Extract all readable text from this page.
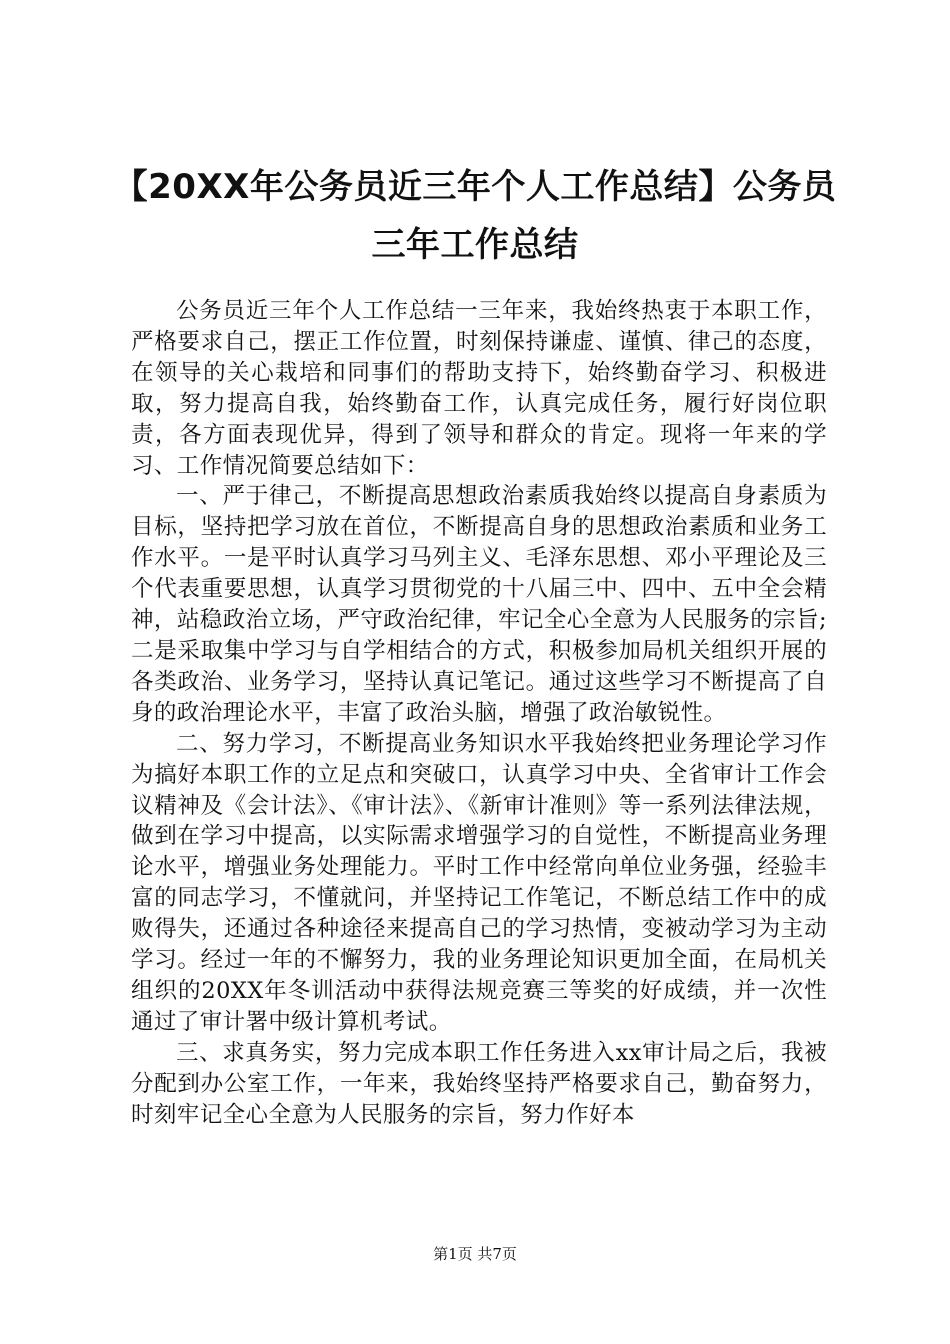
【20XX年公务员近三年个人工作总结】公务员三年工作总结

公务员近三年个人工作总结一三年来，我始终热衷于本职工作，严格要求自己，摆正工作位置，时刻保持谦虚、谨慎、律己的态度，在领导的关心栽培和同事们的帮助支持下，始终勤奋学习、积极进取，努力提高自我，始终勤奋工作，认真完成任务，履行好岗位职责，各方面表现优异，得到了领导和群众的肯定。现将一年来的学习、工作情况简要总结如下：

一、严于律己，不断提高思想政治素质我始终以提高自身素质为目标，坚持把学习放在首位，不断提高自身的思想政治素质和业务工作水平。一是平时认真学习马列主义、毛泽东思想、邓小平理论及三个代表重要思想，认真学习贯彻党的十八届三中、四中、五中全会精神，站稳政治立场，严守政治纪律，牢记全心全意为人民服务的宗旨;二是采取集中学习与自学相结合的方式，积极参加局机关组织开展的各类政治、业务学习，坚持认真记笔记。通过这些学习不断提高了自身的政治理论水平，丰富了政治头脑，增强了政治敏锐性。

二、努力学习，不断提高业务知识水平我始终把业务理论学习作为搞好本职工作的立足点和突破口，认真学习中央、全省审计工作会议精神及《会计法》、《审计法》、《新审计准则》等一系列法律法规，做到在学习中提高，以实际需求增强学习的自觉性，不断提高业务理论水平，增强业务处理能力。平时工作中经常向单位业务强，经验丰富的同志学习，不懂就问，并坚持记工作笔记，不断总结工作中的成败得失，还通过各种途径来提高自己的学习热情，变被动学习为主动学习。经过一年的不懈努力，我的业务理论知识更加全面，在局机关组织的20XX年冬训活动中获得法规竞赛三等奖的好成绩，并一次性通过了审计署中级计算机考试。

三、求真务实，努力完成本职工作任务进入xx审计局之后，我被分配到办公室工作，一年来，我始终坚持严格要求自己，勤奋努力，时刻牢记全心全意为人民服务的宗旨，努力作好本

第1页 共7页
